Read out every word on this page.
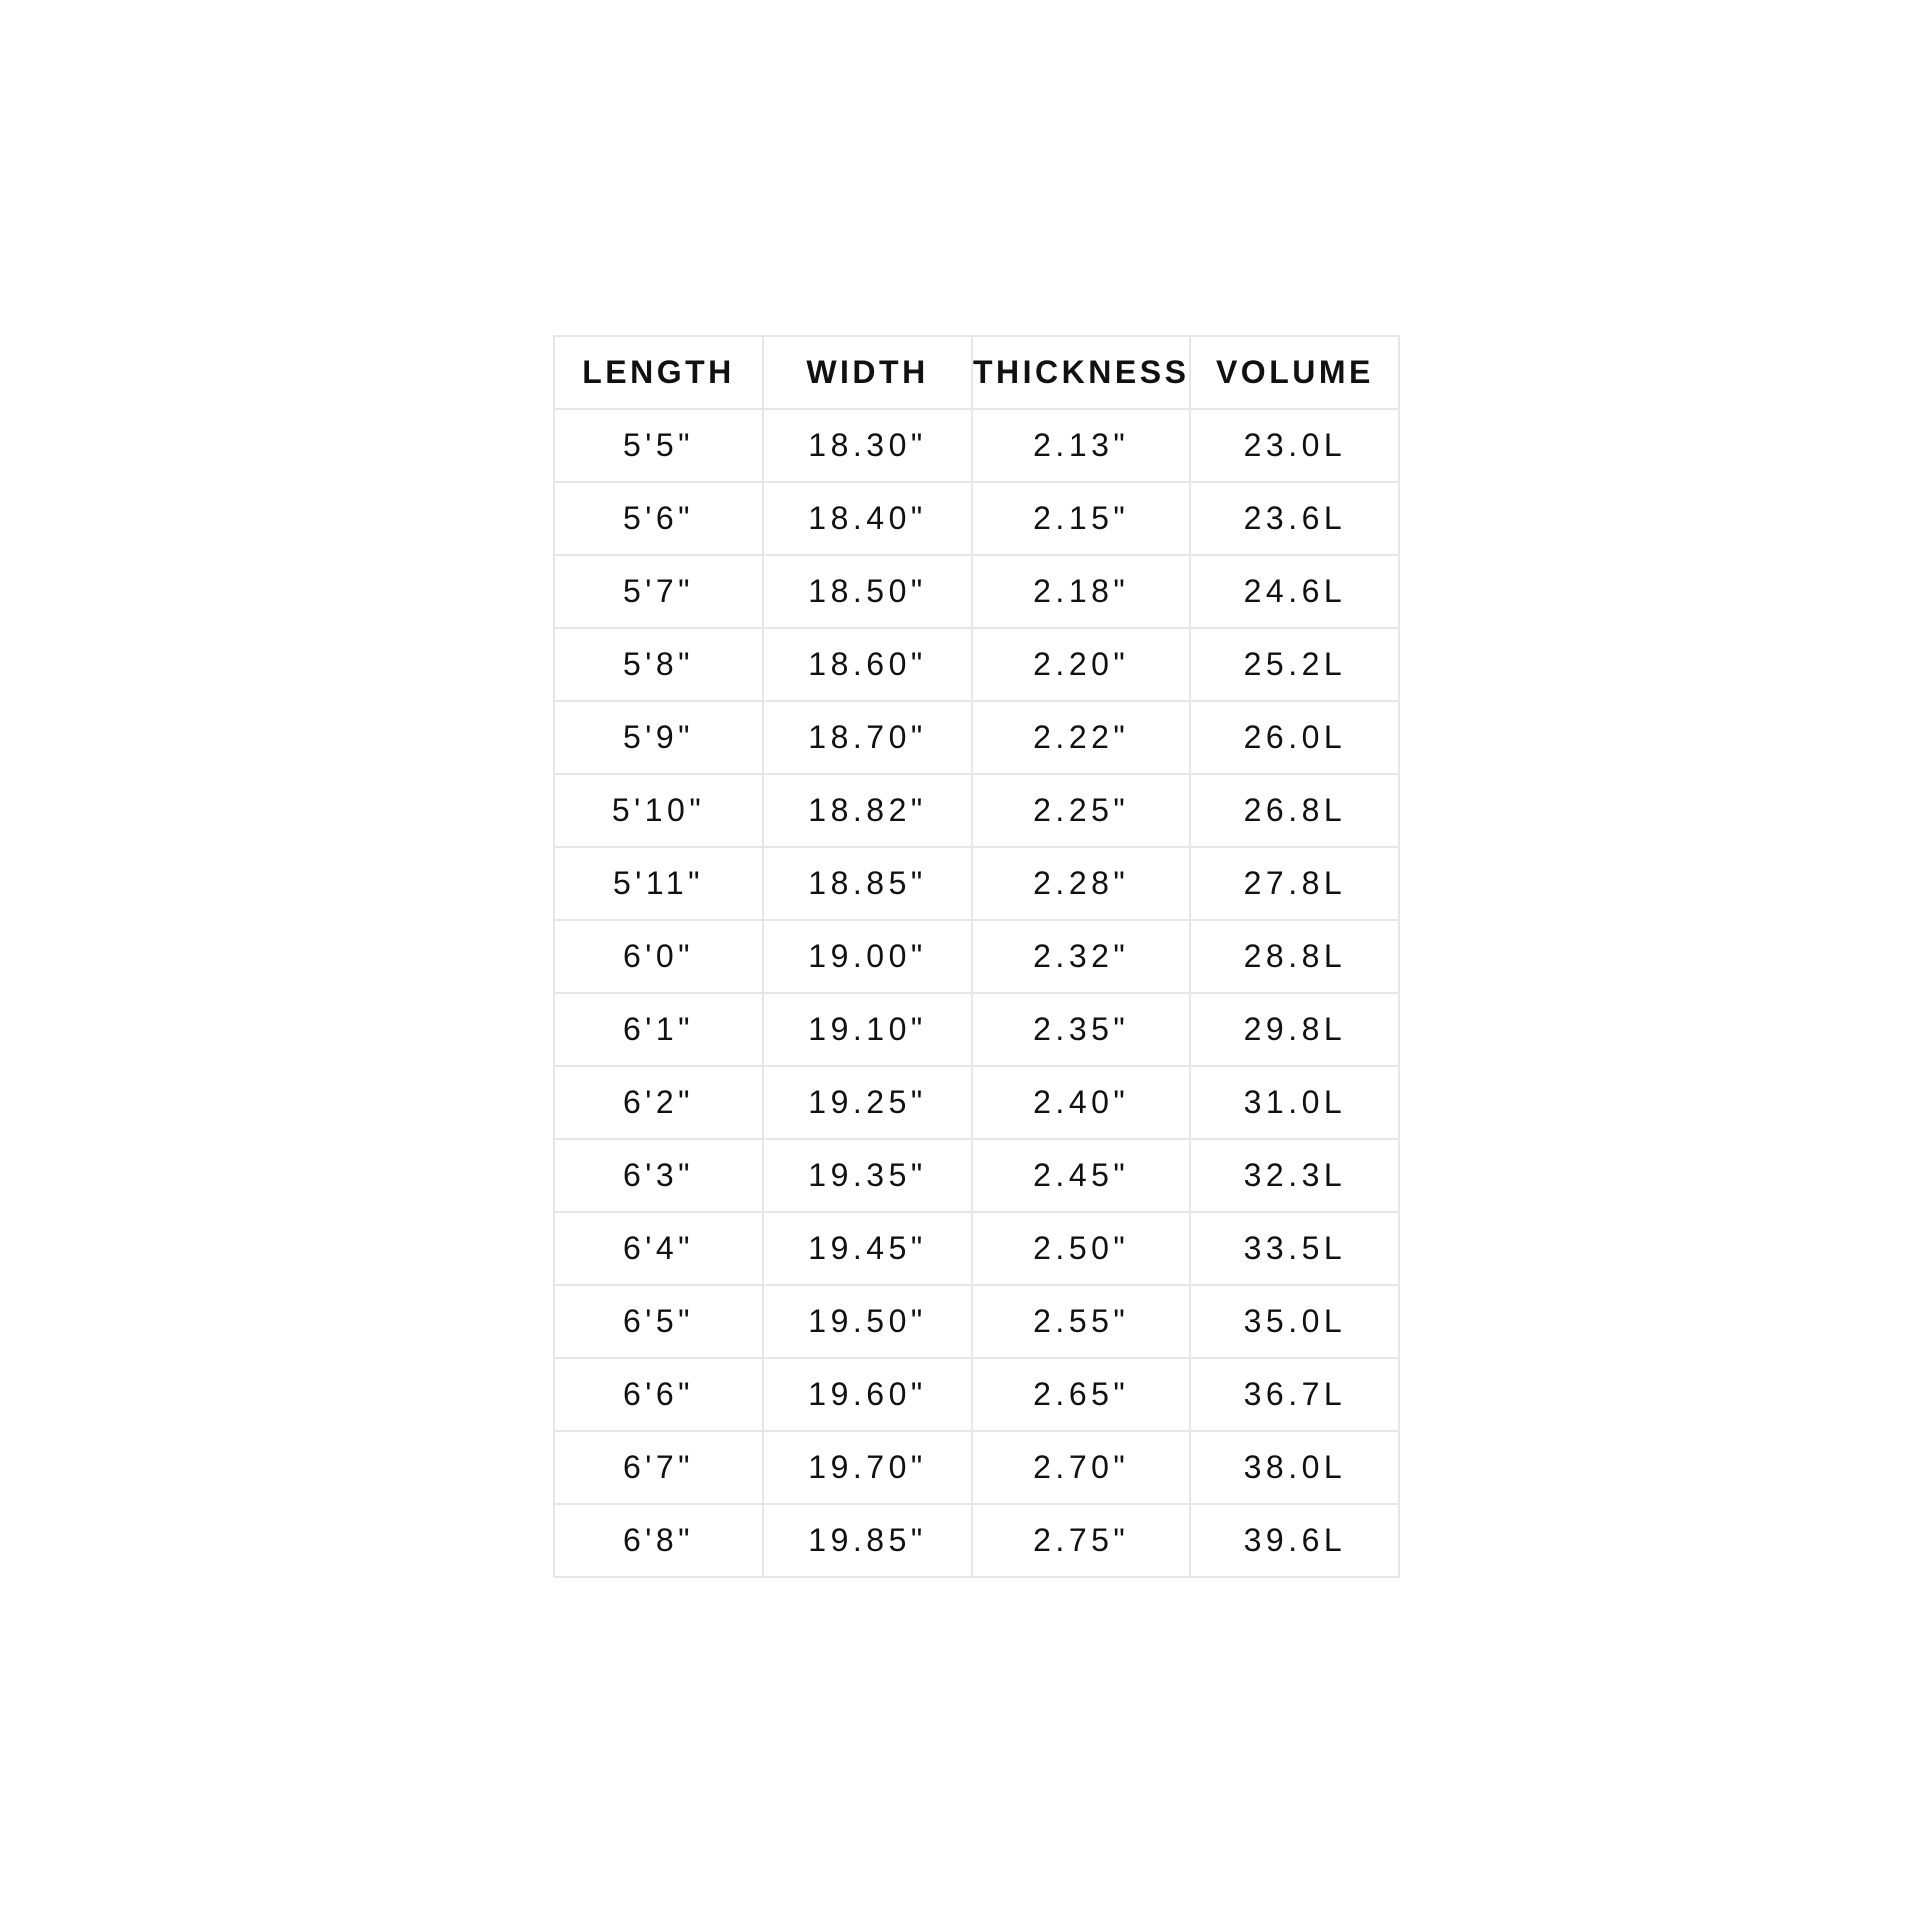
LENGTH	WIDTH	THICKNESS	VOLUME
5'5"	18.30"	2.13"	23.0L
5'6"	18.40"	2.15"	23.6L
5'7"	18.50"	2.18"	24.6L
5'8"	18.60"	2.20"	25.2L
5'9"	18.70"	2.22"	26.0L
5'10"	18.82"	2.25"	26.8L
5'11"	18.85"	2.28"	27.8L
6'0"	19.00"	2.32"	28.8L
6'1"	19.10"	2.35"	29.8L
6'2"	19.25"	2.40"	31.0L
6'3"	19.35"	2.45"	32.3L
6'4"	19.45"	2.50"	33.5L
6'5"	19.50"	2.55"	35.0L
6'6"	19.60"	2.65"	36.7L
6'7"	19.70"	2.70"	38.0L
6'8"	19.85"	2.75"	39.6L
